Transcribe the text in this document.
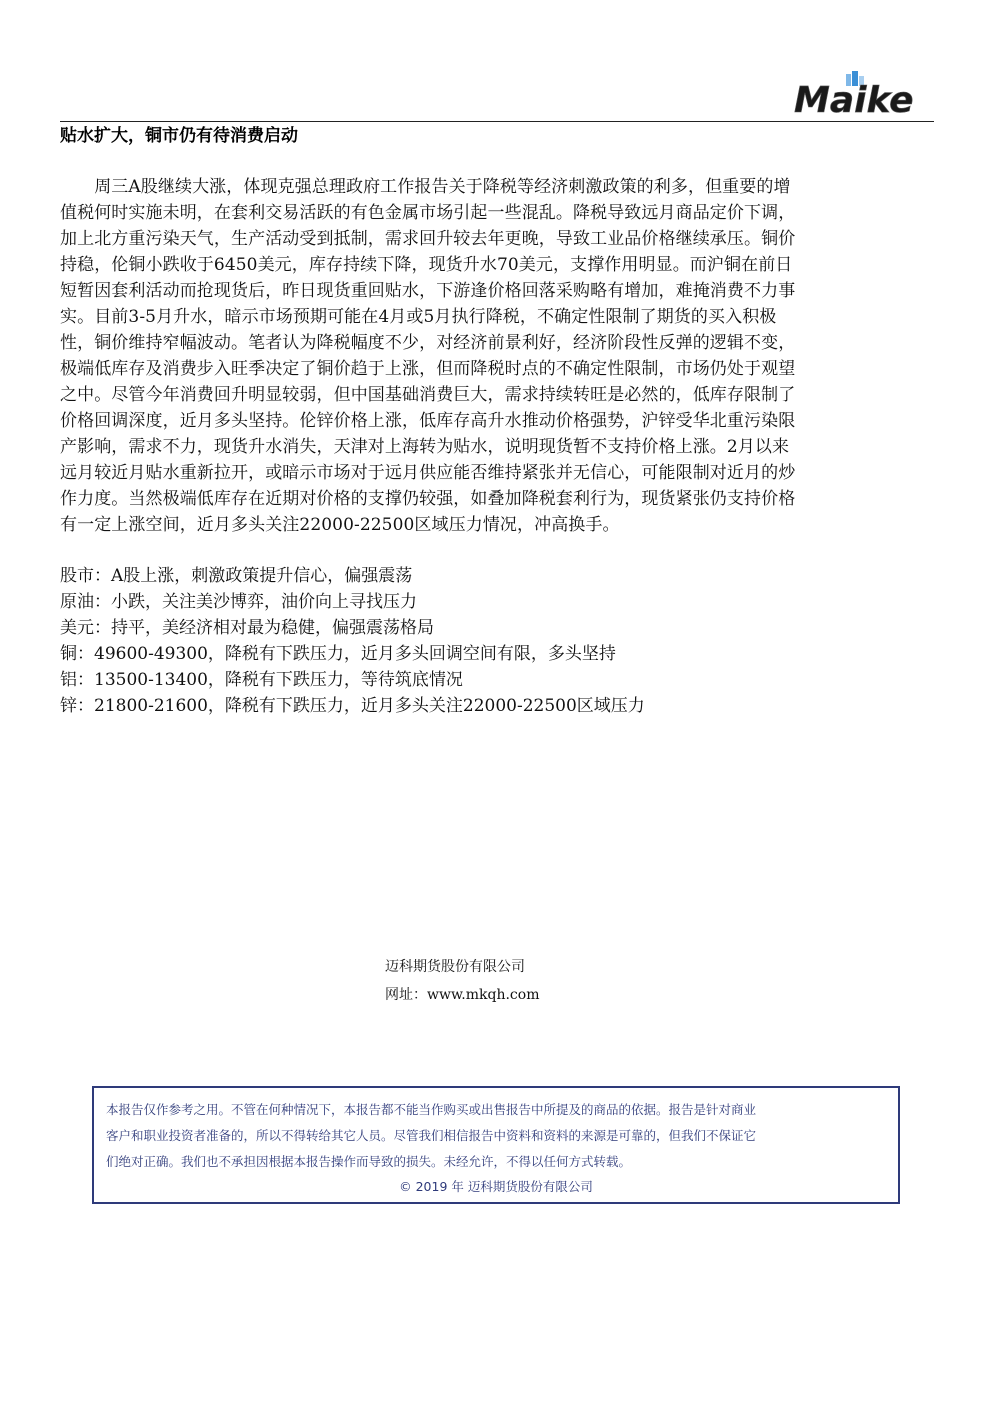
Maike
贴水扩大，铜市仍有待消费启动
　　周三A股继续大涨，体现克强总理政府工作报告关于降税等经济刺激政策的利多，但重要的增
值税何时实施未明，在套利交易活跃的有色金属市场引起一些混乱。降税导致远月商品定价下调，
加上北方重污染天气，生产活动受到抵制，需求回升较去年更晚，导致工业品价格继续承压。铜价
持稳，伦铜小跌收于6450美元，库存持续下降，现货升水70美元，支撑作用明显。而沪铜在前日
短暂因套利活动而抢现货后，昨日现货重回贴水，下游逢价格回落采购略有增加，难掩消费不力事
实。目前3-5月升水，暗示市场预期可能在4月或5月执行降税，不确定性限制了期货的买入积极
性，铜价维持窄幅波动。笔者认为降税幅度不少，对经济前景利好，经济阶段性反弹的逻辑不变，
极端低库存及消费步入旺季决定了铜价趋于上涨，但而降税时点的不确定性限制，市场仍处于观望
之中。尽管今年消费回升明显较弱，但中国基础消费巨大，需求持续转旺是必然的，低库存限制了
价格回调深度，近月多头坚持。伦锌价格上涨，低库存高升水推动价格强势，沪锌受华北重污染限
产影响，需求不力，现货升水消失，天津对上海转为贴水，说明现货暂不支持价格上涨。2月以来
远月较近月贴水重新拉开，或暗示市场对于远月供应能否维持紧张并无信心，可能限制对近月的炒
作力度。当然极端低库存在近期对价格的支撑仍较强，如叠加降税套利行为，现货紧张仍支持价格
有一定上涨空间，近月多头关注22000-22500区域压力情况，冲高换手。
股市：A股上涨，刺激政策提升信心，偏强震荡
原油：小跌，关注美沙博弈，油价向上寻找压力
美元：持平，美经济相对最为稳健，偏强震荡格局
铜：49600-49300，降税有下跌压力，近月多头回调空间有限，多头坚持
铝：13500-13400，降税有下跌压力，等待筑底情况
锌：21800-21600，降税有下跌压力，近月多头关注22000-22500区域压力
迈科期货股份有限公司
网址：www.mkqh.com
本报告仅作参考之用。不管在何种情况下，本报告都不能当作购买或出售报告中所提及的商品的依据。报告是针对商业
客户和职业投资者准备的，所以不得转给其它人员。尽管我们相信报告中资料和资料的来源是可靠的，但我们不保证它
们绝对正确。我们也不承担因根据本报告操作而导致的损失。未经允许，不得以任何方式转载。
© 2019 年 迈科期货股份有限公司
